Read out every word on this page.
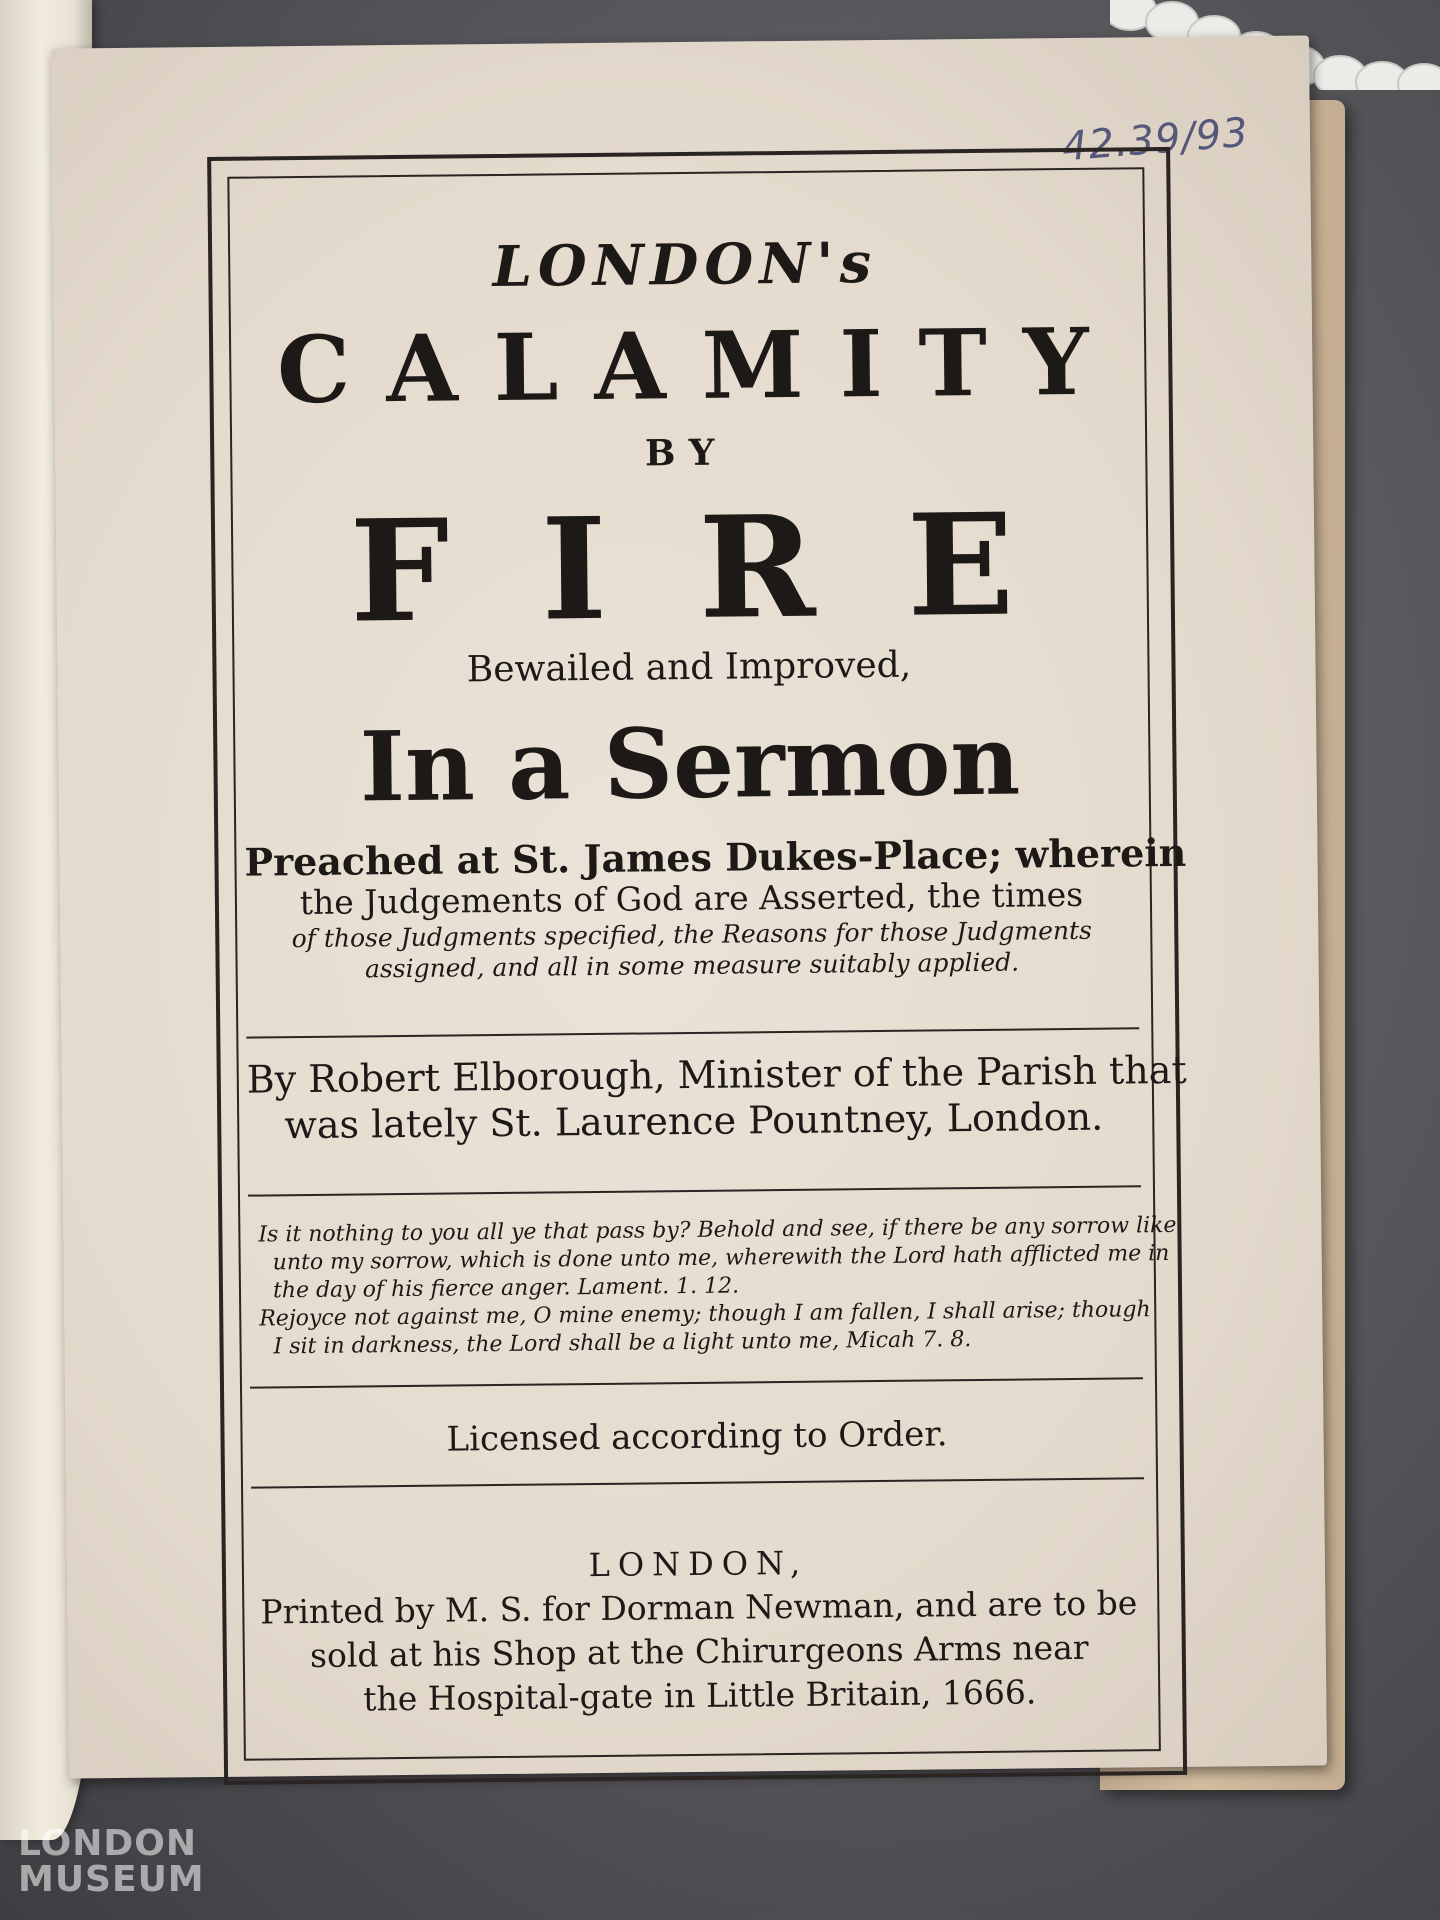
42.39/93
LONDON's
CALAMITY
BY
FIRE
Bewailed and Improved,
In a Sermon
Preached at St. James Dukes-Place; wherein
the Judgements of God are Asserted, the times
of those Judgments specified, the Reasons for those Judgments
assigned, and all in some measure suitably applied.
By Robert Elborough, Minister of the Parish that
was lately St. Laurence Pountney, London.
Is it nothing to you all ye that pass by? Behold and see, if there be any sorrow like
unto my sorrow, which is done unto me, wherewith the Lord hath afflicted me in
the day of his fierce anger. Lament. 1. 12.
Rejoyce not against me, O mine enemy; though I am fallen, I shall arise; though
I sit in darkness, the Lord shall be a light unto me, Micah 7. 8.
Licensed according to Order.
LONDON,
Printed by M. S. for Dorman Newman, and are to be
sold at his Shop at the Chirurgeons Arms near
the Hospital-gate in Little Britain, 1666.
LONDON
MUSEUM
